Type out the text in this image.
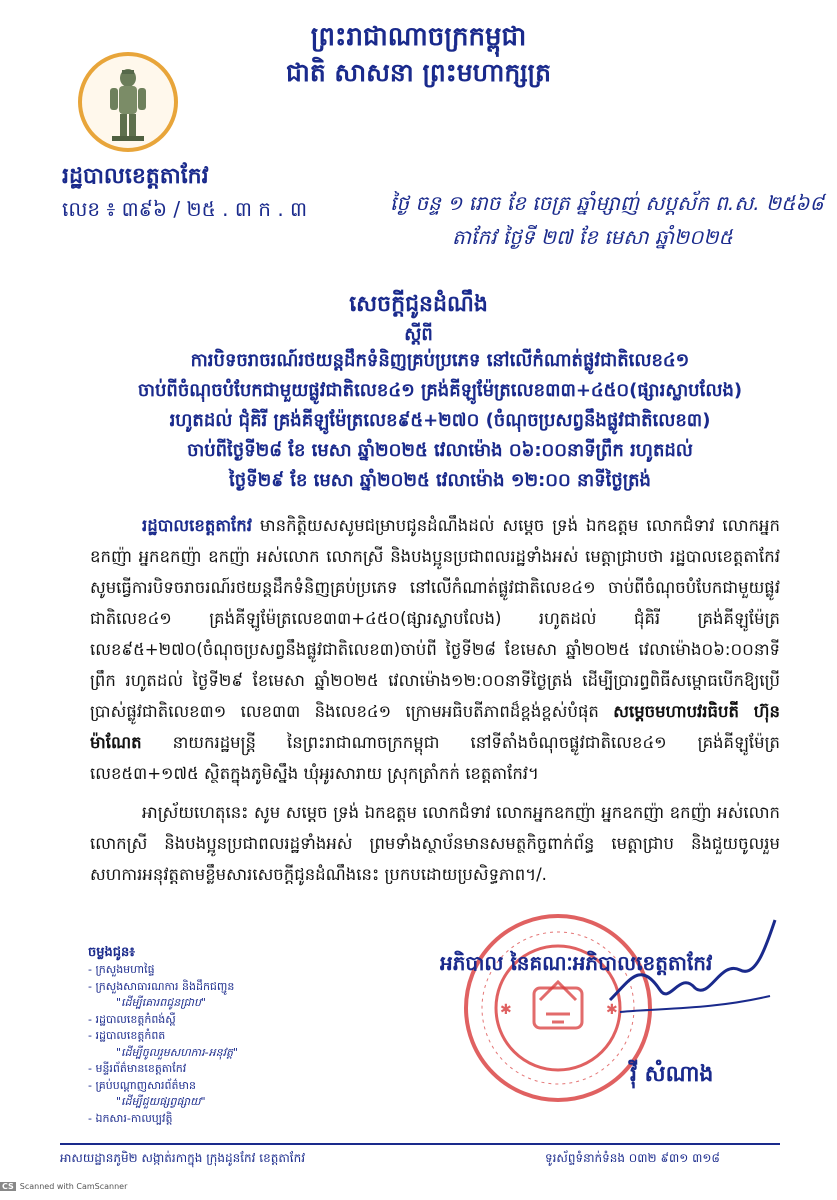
ព្រះរាជាណាចក្រកម្ពុជា
ជាតិ សាសនា ព្រះមហាក្សត្រ
រដ្ឋបាលខេត្តតាកែវ
លេខ ៖ ៣៩៦ / ២៥ . ៣ ក . ៣	ថ្ងៃ ចន្ទ ១ រោច ខែ ចេត្រ ឆ្នាំម្សាញ់ សប្តស័ក ព.ស. ២៥៦៨
តាកែវ ថ្ងៃទី ២៧ ខែ មេសា ឆ្នាំ២០២៥
សេចក្តីជូនដំណឹង
ស្តីពី
ការបិទចរាចរណ៍រថយន្តដឹកទំនិញគ្រប់ប្រភេទ នៅលើកំណាត់ផ្លូវជាតិលេខ៤១
ចាប់ពីចំណុចបំបែកជាមួយផ្លូវជាតិលេខ៤១ គ្រង់គីឡូម៉ែត្រលេខ៣៣+៤៥០(ផ្សារស្លាបលែង)
រហូតដល់ ជុំគិរី គ្រង់គីឡូម៉ែត្រលេខ៩៥+២៧០ (ចំណុចប្រសព្វនឹងផ្លូវជាតិលេខ៣)
ចាប់ពីថ្ងៃទី២៨ ខែ មេសា ឆ្នាំ២០២៥ វេលាម៉ោង ០៦:០០នាទីព្រឹក រហូតដល់
ថ្ងៃទី២៩ ខែ មេសា ឆ្នាំ២០២៥ វេលាម៉ោង ១២:០០ នាទីថ្ងៃត្រង់

រដ្ឋបាលខេត្តតាកែវ មានកិត្តិយសសូមជម្រាបជូនដំណឹងដល់ សម្តេច ទ្រង់ ឯកឧត្តម លោកជំទាវ លោកអ្នកឧកញ៉ា អ្នកឧកញ៉ា ឧកញ៉ា អស់លោក លោកស្រី និងបងប្អូនប្រជាពលរដ្ឋទាំងអស់ មេត្តាជ្រាបថា រដ្ឋបាលខេត្តតាកែវ សូមធ្វើការបិទចរាចរណ៍រថយន្តដឹកទំនិញគ្រប់ប្រភេទ នៅលើកំណាត់ផ្លូវជាតិលេខ៤១ ចាប់ពីចំណុចបំបែកជាមួយផ្លូវជាតិលេខ៤១ គ្រង់គីឡូម៉ែត្រលេខ៣៣+៤៥០(ផ្សារស្លាបលែង) រហូតដល់ ជុំគិរី គ្រង់គីឡូម៉ែត្រលេខ៩៥+២៧០(ចំណុចប្រសព្វនឹងផ្លូវជាតិលេខ៣)ចាប់ពី ថ្ងៃទី២៨ ខែមេសា ឆ្នាំ២០២៥ វេលាម៉ោង០៦:០០នាទីព្រឹក រហូតដល់ ថ្ងៃទី២៩ ខែមេសា ឆ្នាំ២០២៥ វេលាម៉ោង១២:០០នាទីថ្ងៃត្រង់ ដើម្បីប្រារព្ធពិធីសម្ពោធបើកឱ្យប្រើប្រាស់ផ្លូវជាតិលេខ៣១ លេខ៣៣ និងលេខ៤១ ក្រោមអធិបតីភាពដ៏ខ្ពង់ខ្ពស់បំផុត សម្តេចមហាបវរធិបតី ហ៊ុន ម៉ាណែត នាយករដ្ឋមន្ត្រី នៃព្រះរាជាណាចក្រកម្ពុជា នៅទីតាំងចំណុចផ្លូវជាតិលេខ៤១ គ្រង់គីឡូម៉ែត្រលេខ៥៣+១៧៥ ស្ថិតក្នុងភូមិស្នឹង ឃុំអូរសារាយ ស្រុកត្រាំកក់ ខេត្តតាកែវ។

អាស្រ័យហេតុនេះ សូម សម្តេច ទ្រង់ ឯកឧត្តម លោកជំទាវ លោកអ្នកឧកញ៉ា អ្នកឧកញ៉ា ឧកញ៉ា អស់លោក លោកស្រី និងបងប្អូនប្រជាពលរដ្ឋទាំងអស់ ព្រមទាំងស្ថាប័នមានសមត្ថកិច្ចពាក់ព័ន្ធ មេត្តាជ្រាប និងជួយចូលរួមសហការអនុវត្តតាមខ្លឹមសារសេចក្តីជូនដំណឹងនេះ ប្រកបដោយប្រសិទ្ធភាព។/.

ចម្លងជូន៖
- ក្រសួងមហាផ្ទៃ
- ក្រសួងសាធារណការ និងដឹកជញ្ជូន
"ដើម្បីគោរពជូនជ្រាប"
- រដ្ឋបាលខេត្តកំពង់ស្ពឺ
- រដ្ឋបាលខេត្តកំពត
"ដើម្បីចូលរួមសហការ-អនុវត្ត"
- មន្ទីរព័ត៌មានខេត្តតាកែវ
- គ្រប់បណ្តាញសារព័ត៌មាន
"ដើម្បីជួយផ្សព្វផ្សាយ"
- ឯកសារ-កាលប្បវត្តិ
✱	✱
អភិបាល នៃគណៈអភិបាលខេត្តតាកែវ
វ៉ី សំណាង
អាសយដ្ឋានភូមិ២ សង្កាត់រកាក្នុង ក្រុងដូនកែវ ខេត្តតាកែវ	ទូរស័ព្ទទំនាក់ទំនង ០៣២ ៩៣១ ៣១៨
CS Scanned with CamScanner
